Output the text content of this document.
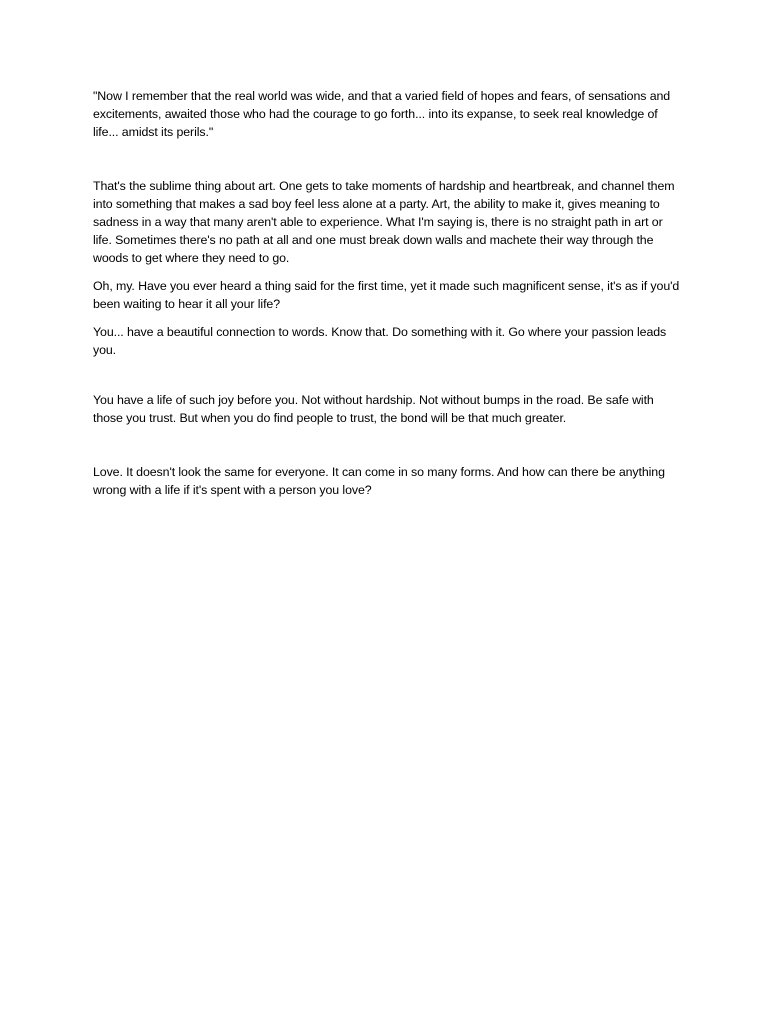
"Now I remember that the real world was wide, and that a varied field of hopes and fears, of sensations and excitements, awaited those who had the courage to go forth... into its expanse, to seek real knowledge of life... amidst its perils."

That's the sublime thing about art. One gets to take moments of hardship and heartbreak, and channel them into something that makes a sad boy feel less alone at a party. Art, the ability to make it, gives meaning to sadness in a way that many aren't able to experience. What I'm saying is, there is no straight path in art or life. Sometimes there's no path at all and one must break down walls and machete their way through the woods to get where they need to go.

Oh, my. Have you ever heard a thing said for the first time, yet it made such magnificent sense, it's as if you'd been waiting to hear it all your life?

You... have a beautiful connection to words. Know that. Do something with it. Go where your passion leads you.

You have a life of such joy before you. Not without hardship. Not without bumps in the road. Be safe with those you trust. But when you do find people to trust, the bond will be that much greater.

Love. It doesn't look the same for everyone. It can come in so many forms. And how can there be anything wrong with a life if it's spent with a person you love?
